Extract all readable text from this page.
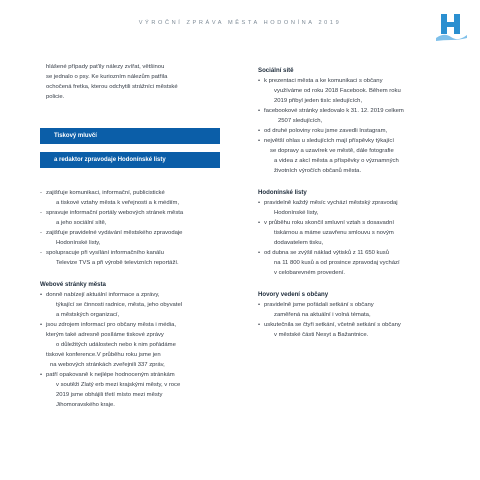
VÝROČNÍ ZPRÁVA MĚSTA HODONÍNA 2019
hlášené případy pat'ily nálezy zvířat, většinou
se jednalo o psy. Ke kuriozním nálezům patřila
ochočená fretka, kterou odchytili strážníci městské
policie.
Tiskový mluvčí
a redaktor zpravodaje Hodonínské listy
- zajišťuje komunikaci, informační, publicistické
a tiskové vztahy města k veřejnosti a k médiím,
- spravuje informační portály webových stránek města
a jeho sociální sítě,
- zajišťuje pravidelné vydávání městského zpravodaje
Hodonínské listy,
- spolupracuje při vysílání informačního kanálu
Televize TVS a při výrobě televizních reportáží.
Webové stránky města
• donně nabízejí aktuální informace a zprávy,
týkající se činnosti radnice, města, jeho obyvatel
a městských organizací,
• jsou zdrojem informací pro občany města i média,
kterým také adresně posíláme tiskové zprávy
o důležitých událostech nebo k nim pořádáme
tiskové konference.V průběhu roku jsme jen
na webových stránkách zveřejnili 337 zpráv,
• patří opakovaně k nejlépe hodnoceným stránkám
v soutěži Zlatý erb mezi krajskými městy, v roce
2019 jsme obhájili třetí místo mezi městy
Jihomoravského kraje.
Sociální sítě
• k prezentaci města a ke komunikaci s občany
využíváme od roku 2018 Facebook. Během roku
2019 přibyl jeden tisíc sledujících,
• facebookové stránky sledovalo k 31. 12. 2019 celkem
2507 sledujících,
• od druhé poloviny roku jsme zavedli Instagram,
• největší ohlas u sledujících mají příspěvky týkající
se dopravy a uzavírek ve městě, dále fotografie
a videa z akcí města a příspěvky o významných
životních výročích občanů města.
Hodonínské listy
• pravidelně každý měsíc vychází městský zpravodaj
Hodonínské listy,
• v průběhu roku skončil smluvní vztah s dosavadní
tiskárnou a máme uzavřenu smlouvu s novým
dodavatelem tisku,
• od dubna se zvýšil náklad výtisků z 11 650 kusů
na 11 800 kusů a od prosince zpravodaj vychází
v celobarevném provedení.
Hovory vedení s občany
• pravidelně jsme pořádali setkání s občany
zaměřená na aktuální i volná témata,
• uskutečnila se čtyři setkání, včetně setkání s občany
v městské části Nesyt a Bažantnice.
